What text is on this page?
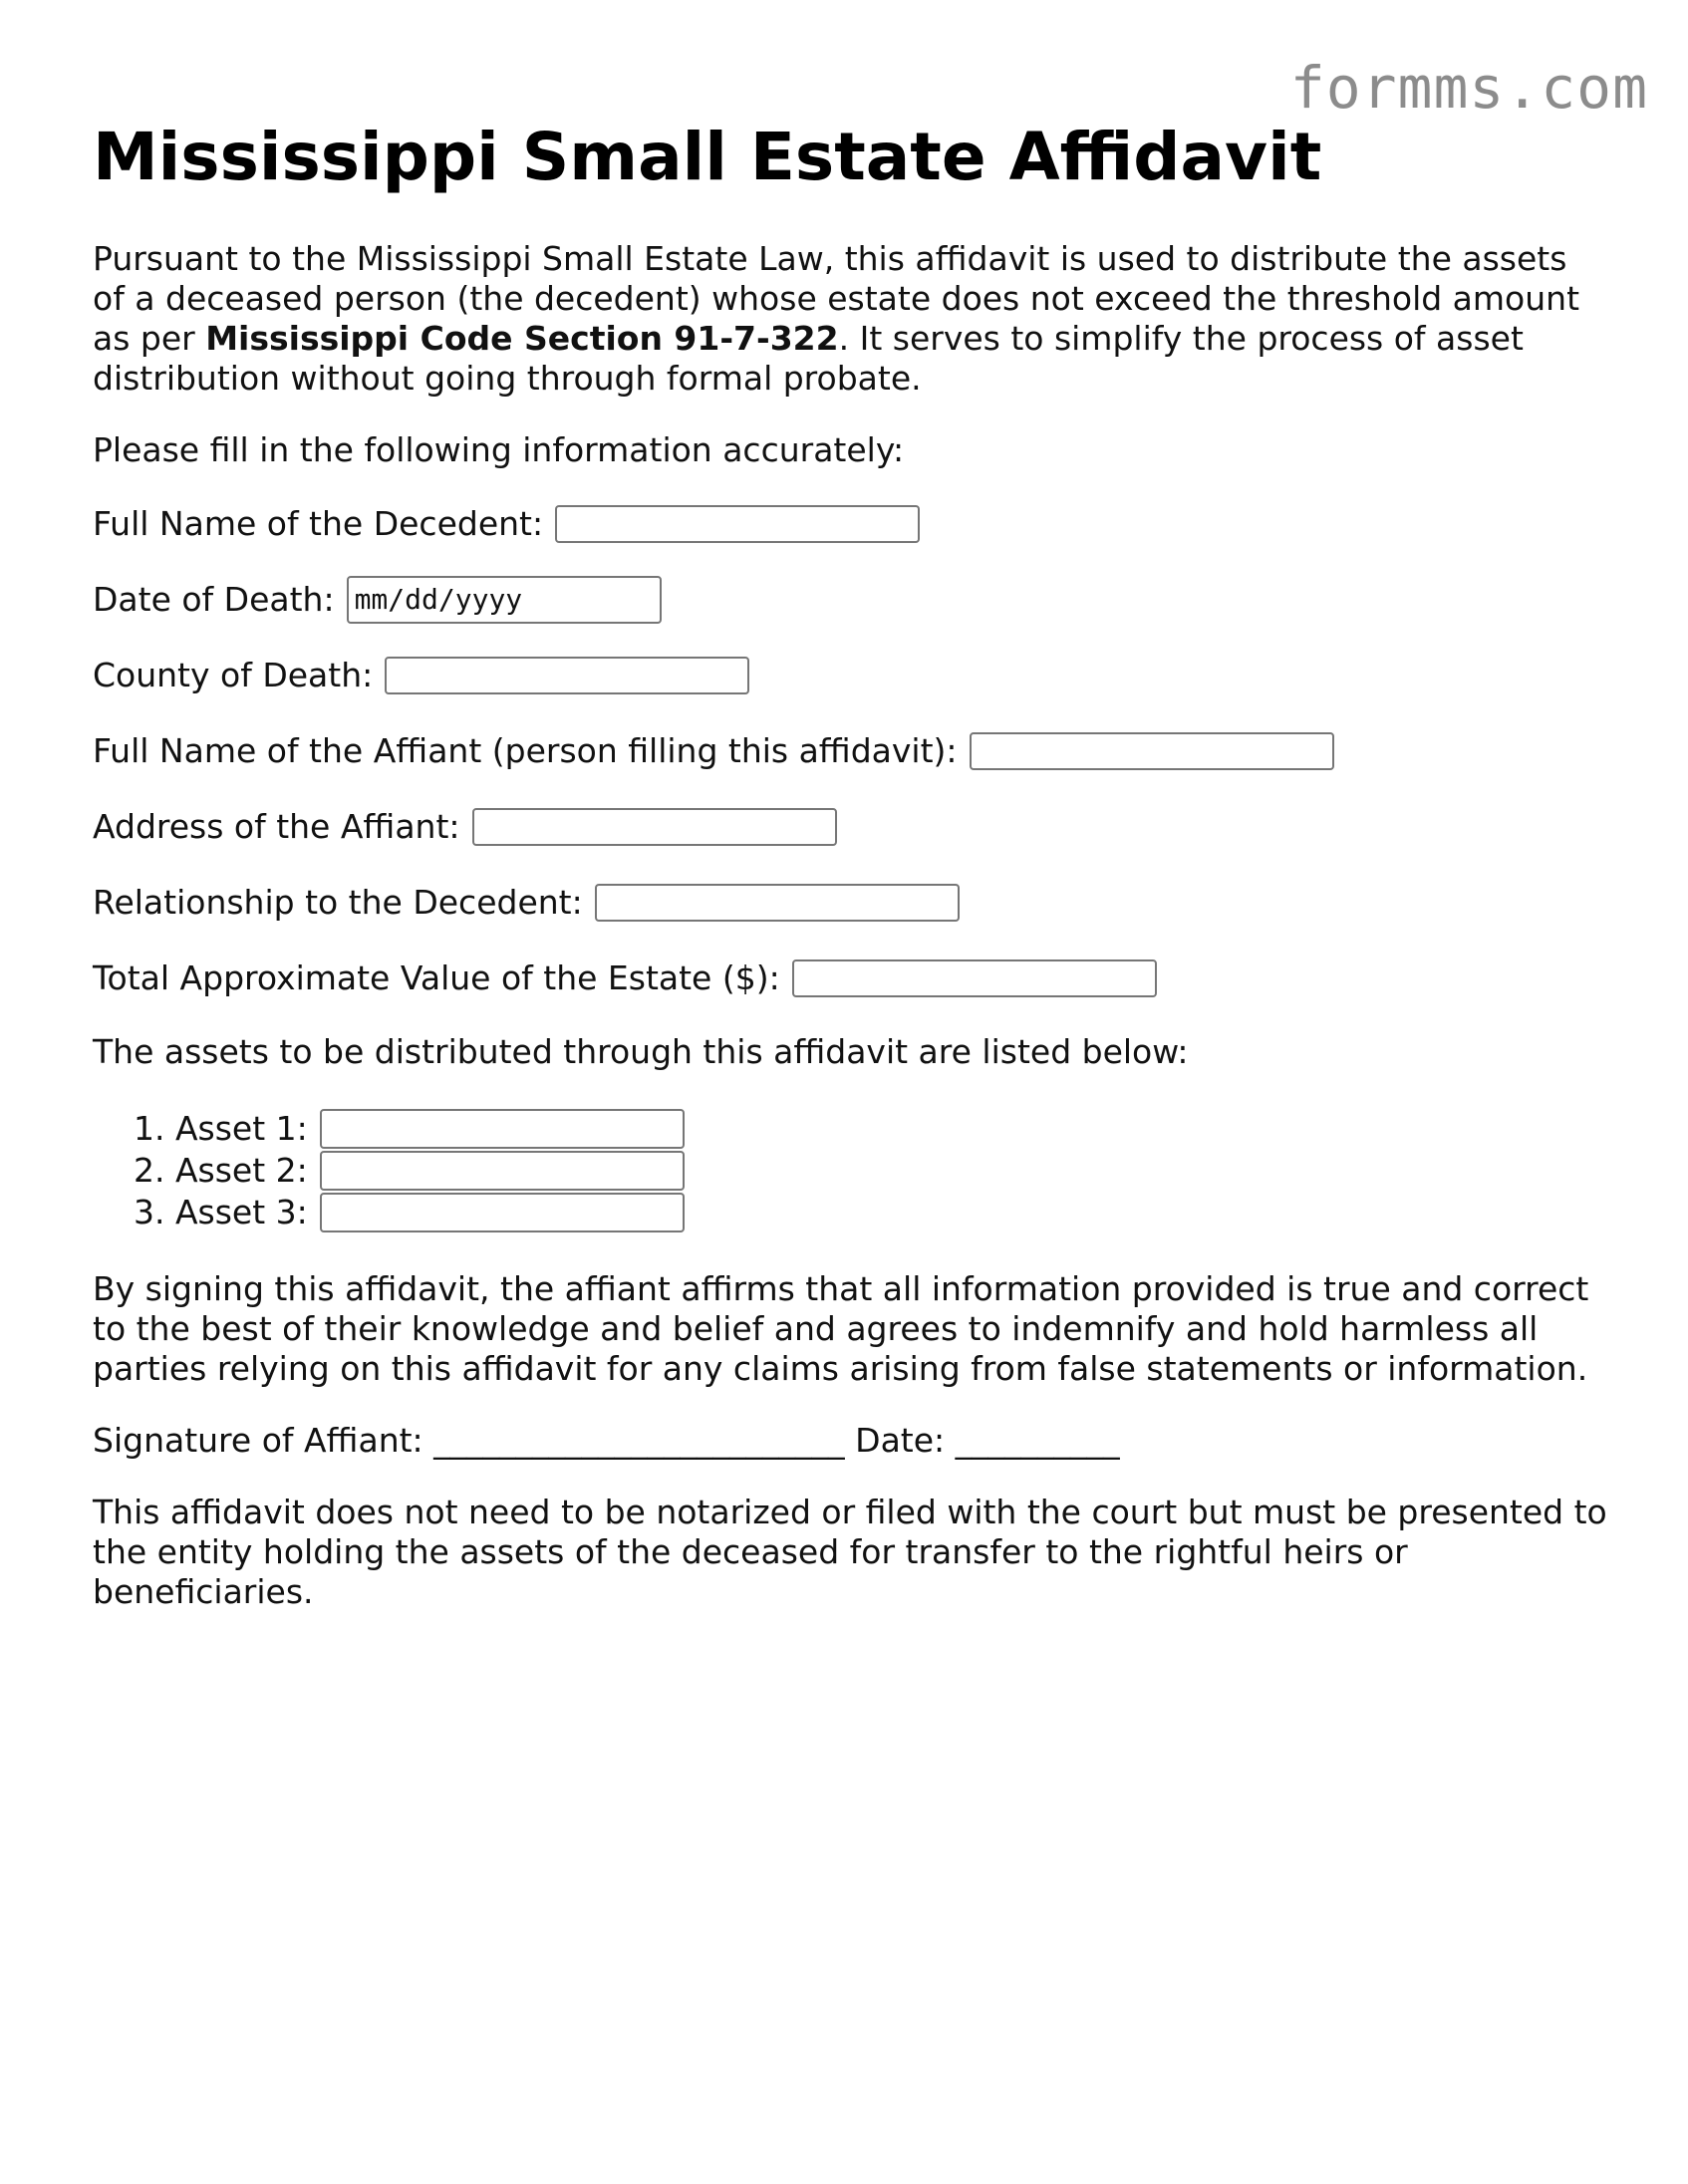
formms.com
Mississippi Small Estate Affidavit

Pursuant to the Mississippi Small Estate Law, this affidavit is used to distribute the assets of a deceased person (the decedent) whose estate does not exceed the threshold amount as per Mississippi Code Section 91-7-322. It serves to simplify the process of asset distribution without going through formal probate.

Please fill in the following information accurately:

Full Name of the Decedent:
Date of Death: mm/dd/yyyy
County of Death:
Full Name of the Affiant (person filling this affidavit):
Address of the Affiant:
Relationship to the Decedent:
Total Approximate Value of the Estate ($):

The assets to be distributed through this affidavit are listed below:

1. Asset 1:
2. Asset 2:
3. Asset 3:

By signing this affidavit, the affiant affirms that all information provided is true and correct to the best of their knowledge and belief and agrees to indemnify and hold harmless all parties relying on this affidavit for any claims arising from false statements or information.

Signature of Affiant: _________________________ Date: __________

This affidavit does not need to be notarized or filed with the court but must be presented to the entity holding the assets of the deceased for transfer to the rightful heirs or beneficiaries.
